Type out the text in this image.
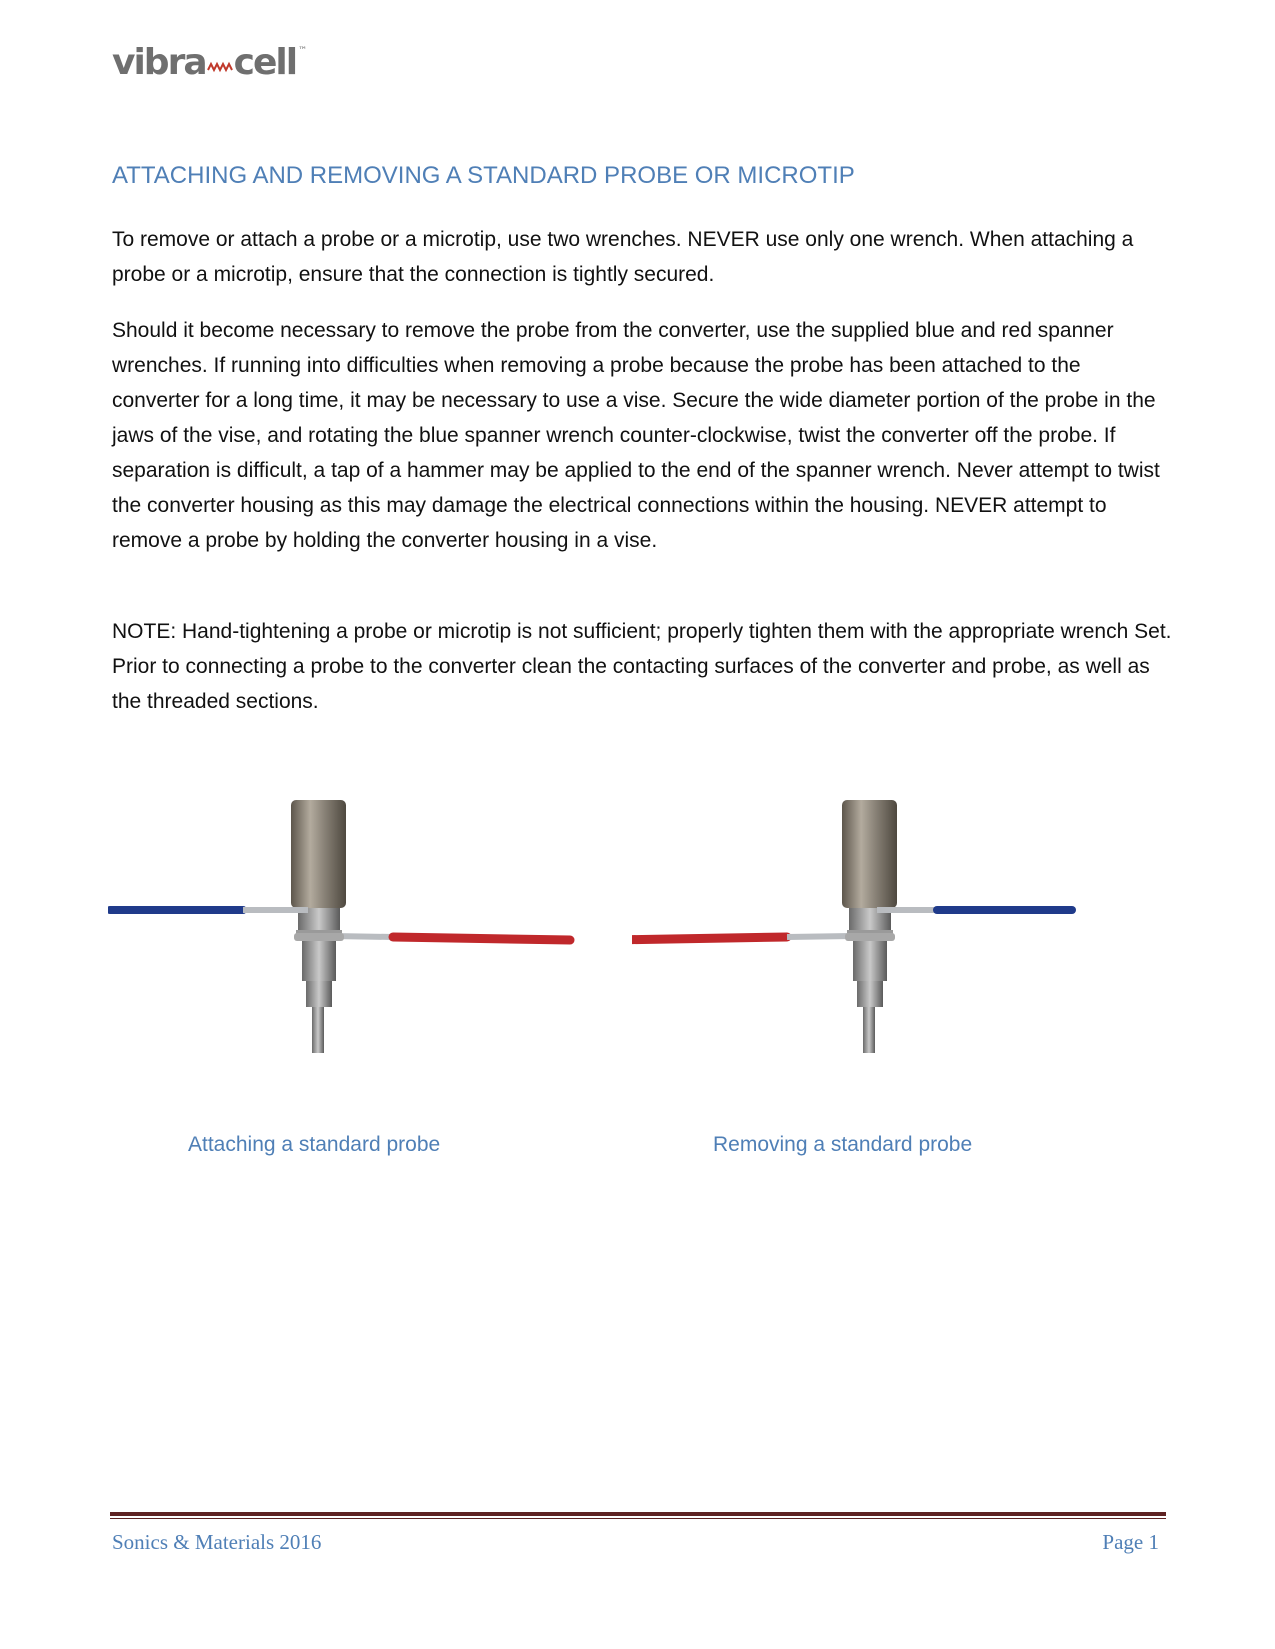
vibra cell ™
ATTACHING AND REMOVING A STANDARD PROBE OR MICROTIP

To remove or attach a probe or a microtip, use two wrenches. NEVER use only one wrench. When attaching a probe or a microtip, ensure that the connection is tightly secured.

Should it become necessary to remove the probe from the converter, use the supplied blue and red spanner wrenches. If running into difficulties when removing a probe because the probe has been attached to the converter for a long time, it may be necessary to use a vise. Secure the wide diameter portion of the probe in the jaws of the vise, and rotating the blue spanner wrench counter-clockwise, twist the converter off the probe. If separation is difficult, a tap of a hammer may be applied to the end of the spanner wrench. Never attempt to twist the converter housing as this may damage the electrical connections within the housing. NEVER attempt to remove a probe by holding the converter housing in a vise.

NOTE: Hand-tightening a probe or microtip is not sufficient; properly tighten them with the appropriate wrench Set. Prior to connecting a probe to the converter clean the contacting surfaces of the converter and probe, as well as the threaded sections.

Attaching a standard probe	Removing a standard probe

Sonics & Materials 2016	Page 1
